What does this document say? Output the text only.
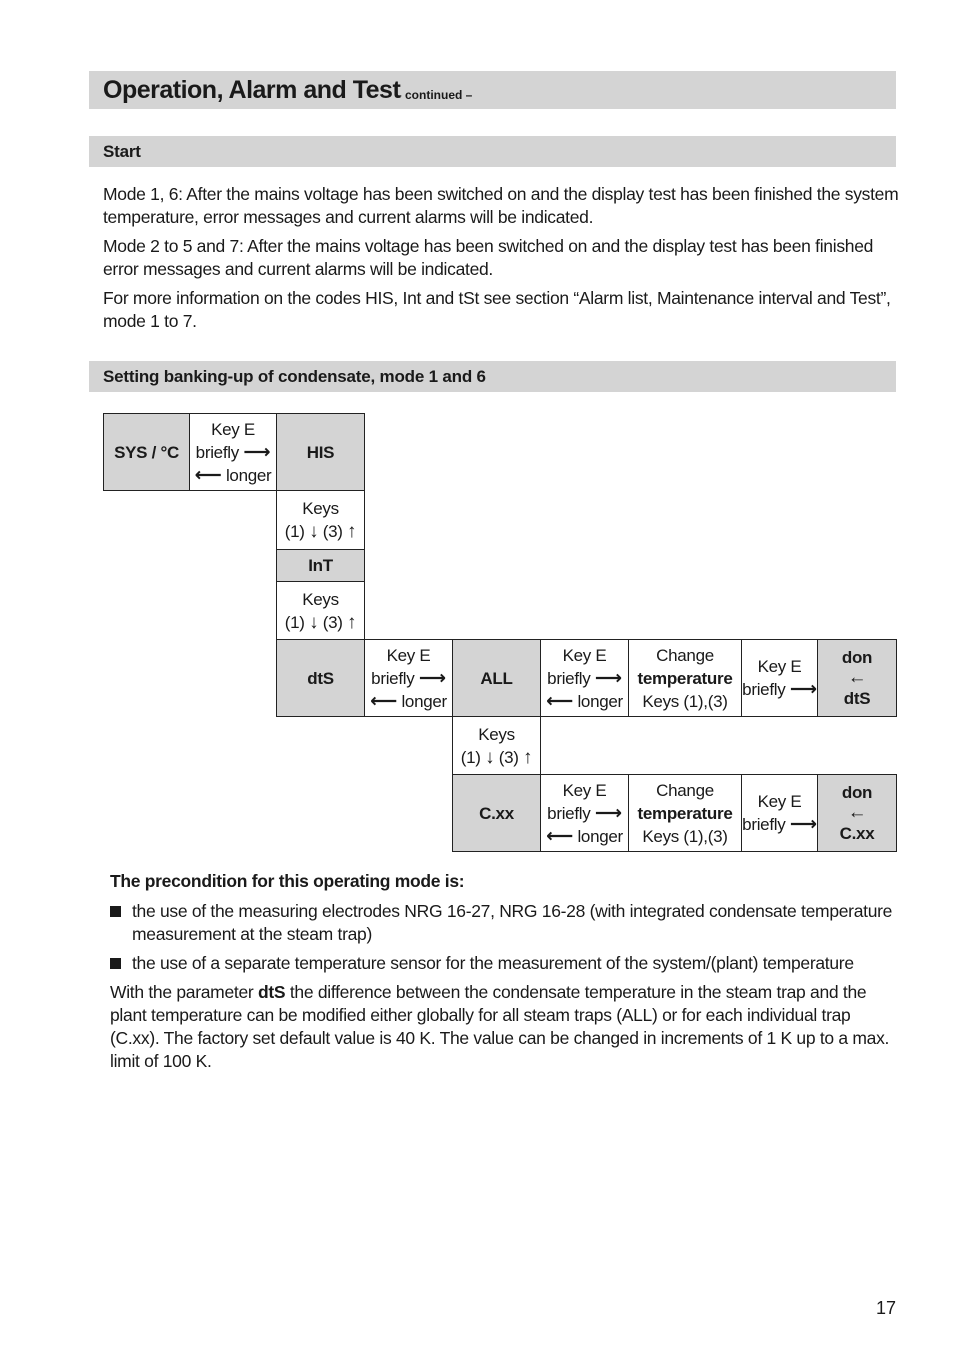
Operation, Alarm and Test
– continued –
Start
Mode 1, 6: After the mains voltage has been switched on and the display test has been finished the system temperature, error messages and current alarms will be indicated.
Mode 2 to 5 and 7: After the mains voltage has been switched on and the display test has been finished error messages and current alarms will be indicated.
For more information on the codes HIS, Int and tSt see section “Alarm list, Maintenance interval and Test”, mode 1 to 7.
Setting banking-up of condensate, mode 1 and 6
SYS / °C
Key E
briefly ⟶
⟵ longer
HIS
Keys
(1) ↓ (3) ↑
InT
Keys
(1) ↓ (3) ↑
dtS
Key E
briefly ⟶
⟵ longer
ALL
Key E
briefly ⟶
⟵ longer
Change
temperature
Keys (1),(3)
Key E
briefly ⟶
don
←
dtS
Keys
(1) ↓ (3) ↑
C.xx
Key E
briefly ⟶
⟵ longer
Change
temperature
Keys (1),(3)
Key E
briefly ⟶
don
←
C.xx
The precondition for this operating mode is:
the use of the measuring electrodes NRG 16-27, NRG 16-28 (with integrated condensate temperature measurement at the steam trap)
the use of a separate temperature sensor for the measurement of the system/(plant) temperature
With the parameter dtS the difference between the condensate temperature in the steam trap and the plant temperature can be modified either globally for all steam traps (ALL) or for each individual trap (C.xx). The factory set default value is 40 K. The value can be changed in increments of 1 K up to a max. limit of 100 K.
17
